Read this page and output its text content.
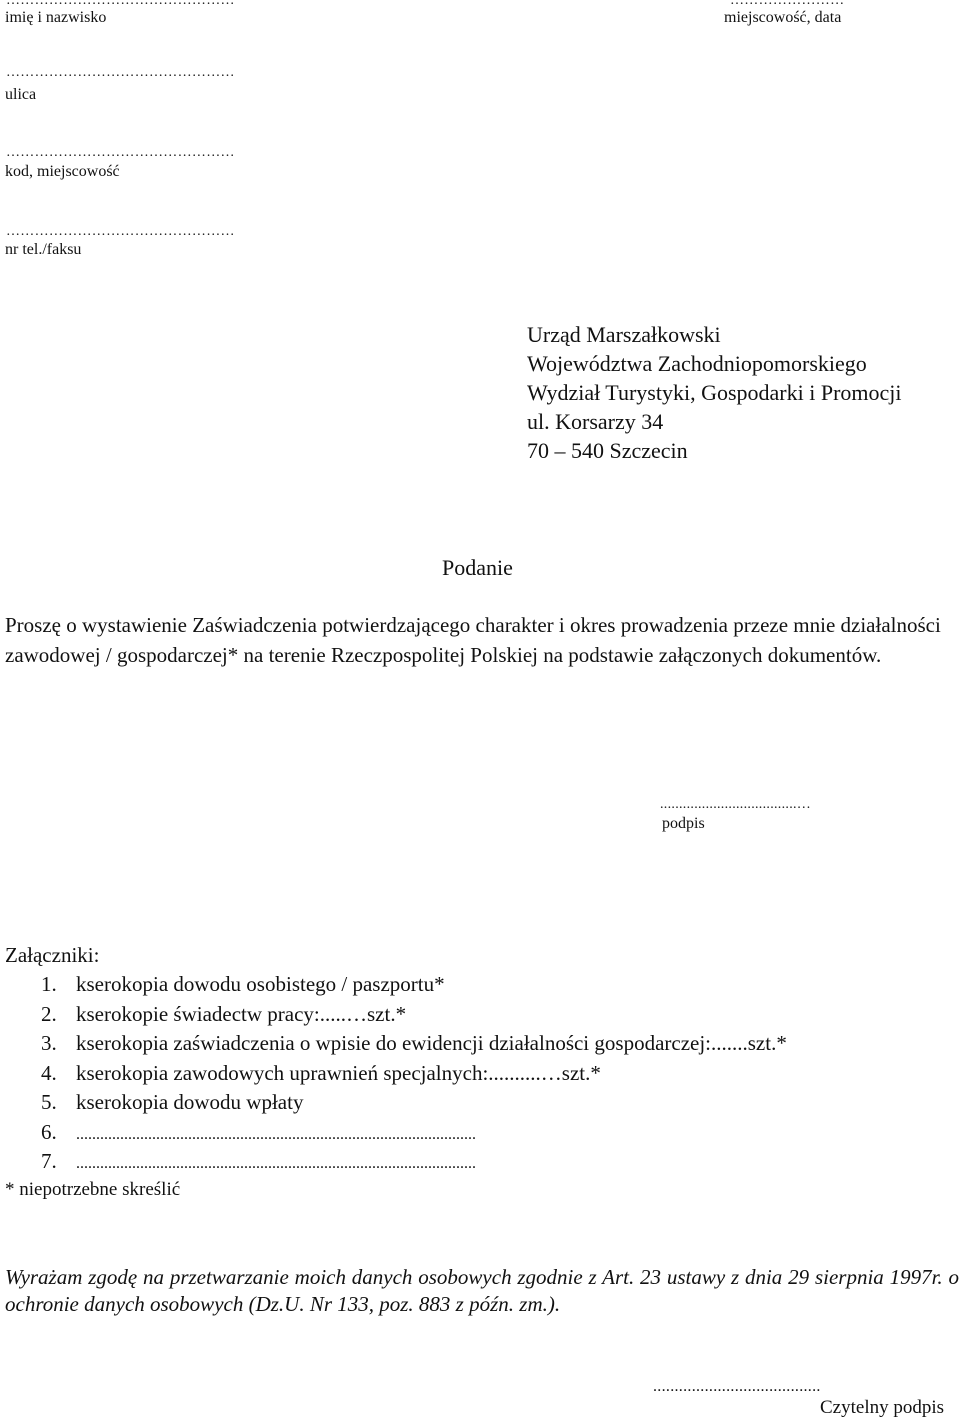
…………………………………………
imię i nazwisko
…………………………………………
ulica
…………………………………………
kod, miejscowość
…………………………………………
nr tel./faksu
……………………
miejscowość, data
Urząd Marszałkowski
Województwa Zachodniopomorskiego
Wydział Turystyki, Gospodarki i Promocji
ul. Korsarzy 34
70 – 540 Szczecin
Podanie
Proszę o wystawienie Zaświadczenia potwierdzającego charakter i okres prowadzenia przeze mnie działalności zawodowej / gospodarczej* na terenie Rzeczpospolitej Polskiej na podstawie załączonych dokumentów.
....................................…
podpis
Załączniki:
1. kserokopia dowodu osobistego / paszportu*
2. kserokopie świadectw pracy:.....…szt.*
3. kserokopia zaświadczenia o wpisie do ewidencji działalności gospodarczej:.......szt.*
4. kserokopia zawodowych uprawnień specjalnych:..........…szt.*
5. kserokopia dowodu wpłaty
6. ....................................................................................................
7. ....................................................................................................
* niepotrzebne skreślić
Wyrażam zgodę na przetwarzanie moich danych osobowych zgodnie z Art. 23 ustawy z dnia 29 sierpnia 1997r. o ochronie danych osobowych (Dz.U. Nr 133, poz. 883 z późn. zm.).
.......................................
Czytelny podpis
